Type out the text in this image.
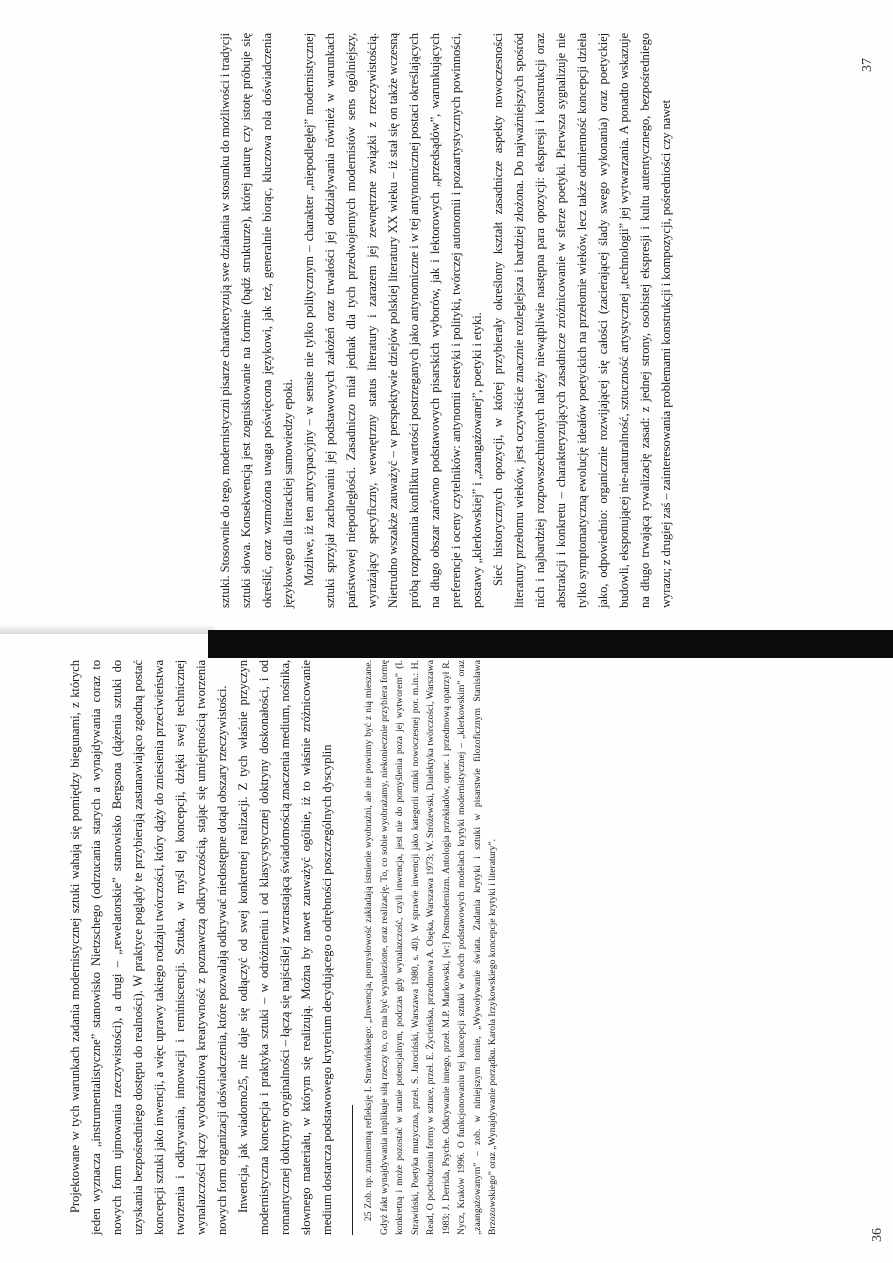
sztuki. Stosownie do tego, modernistyczni pisarze charakteryzują swe działania w stosunku do możliwości i tradycji sztuki słowa. Konsekwencją jest zogniskowanie na formie (bądź strukturze), której naturę czy istotę próbuje się określić, oraz wzmożona uwaga poświęcona językowi, jak też, generalnie biorąc, kluczowa rola doświadczenia językowego dla literackiej samowiedzy epoki. Możliwe, iż ten antycypacyjny – w sensie nie tylko politycznym – charakter „niepodległej” modernistycznej sztuki sprzyjał zachowaniu jej podstawowych założeń oraz trwałości jej oddziaływania również w warunkach państwowej niepodległości. Zasadniczo miał jednak dla tych przedwojennych modernistów sens ogólniejszy, wyrażający specyficzny, wewnętrzny status literatury i zarazem jej zewnętrzne związki z rzeczywistością. Nietrudno wszakże zauważyć – w perspektywie dziejów polskiej literatury XX wieku – iż stał się on także wczesną próbą rozpoznania konfliktu wartości postrzeganych jako antynomiczne i w tej antynomicznej postaci określających na długo obszar zarówno podstawowych pisarskich wyborów, jak i lektorowych „przedsądów”, warunkujących preferencje i oceny czytelników: antynomii estetyki i polityki, twórczej autonomii i pozaartystycznych powinności, postawy „klerkowskiej” i „zaangażowanej”, poetyki i etyki. Sieć historycznych opozycji, w której przybierały określony kształt zasadnicze aspekty nowoczesności literatury przełomu wieków, jest oczywiście znacznie rozleglejsza i bardziej złożona. Do najważniejszych spośród nich i najbardziej rozpowszechnionych należy niewątpliwie następna para opozycji: ekspresji i konstrukcji oraz abstrakcji i konkretu – charakteryzujących zasadnicze zróżnicowanie w sferze poetyki. Pierwsza sygnalizuje nie tylko symptomatyczną ewolucję ideałów poetyckich na przełomie wieków, lecz także odmienność koncepcji dzieła jako, odpowiednio: organicznie rozwijającej się całości (zacierającej ślady swego wykonania) oraz poetyckiej budowli, eksponującej nie-naturalność, sztuczność artystycznej „technologii” jej wytwarzania. A ponadto wskazuje na długo trwającą rywalizację zasad: z jednej strony, osobistej ekspresji i kultu autentycznego, bezpośredniego wyrazu; z drugiej zaś – zainteresowania problemami konstrukcji i kompozycji, pośredniości czy nawet

Projektowane w tych warunkach zadania modernistycznej sztuki wahają się pomiędzy biegunami, z których jeden wyznacza „instrumentalistyczne” stanowisko Nietzschego (odrzucania starych a wynajdywania coraz to nowych form ujmowania rzeczywistości), a drugi – „rewelatorskie” stanowisko Bergsona (dążenia sztuki do uzyskania bezpośredniego dostępu do realności). W praktyce poglądy te przybierają zastanawiająco zgodną postać koncepcji sztuki jako inwencji, a więc uprawy takiego rodzaju twórczości, który dąży do zniesienia przeciwieństwa tworzenia i odkrywania, innowacji i reminiscencji. Sztuka, w myśl tej koncepcji, dzięki swej technicznej wynalazczości łączy wyobraźniową kreatywność z poznawczą odkrywczością, stając się umiejętnością tworzenia nowych form organizacji doświadczenia, które pozwalają odkrywać niedostępne dotąd obszary rzeczywistości. Inwencja, jak wiadomo25, nie daje się odłączyć od swej konkretnej realizacji. Z tych właśnie przyczyn modernistyczna koncepcja i praktyka sztuki – w odróżnieniu i od klasycystycznej doktryny doskonałości, i od romantycznej doktryny oryginalności – łączą się najściślej z wzrastającą świadomością znaczenia medium, nośnika, słownego materiału, w którym się realizują. Można by nawet zauważyć ogólnie, iż to właśnie zróżnicowanie medium dostarcza podstawowego kryterium decydującego o odrębności poszczególnych dyscyplin	25 Zob. np. znamienną refleksję I. Strawińskiego: „Inwencja, pomysłowość zakładają istnienie wyobraźni, ale nie powinny być z nią mieszane. Gdyż fakt wynajdywania implikuje siłą rzeczy to, co ma być wynalezione, oraz realizację. To, co sobie wyobrażamy, niekoniecznie przybiera formę konkretną i może pozostać w stanie potencjalnym, podczas gdy wynalazczość, czyli inwencja, jest nie do pomyślenia poza jej wytworem” (I. Strawiński, Poetyka muzyczna, przeł. S. Jarociński, Warszawa 1980, s. 40). W sprawie inwencji jako kategorii sztuki nowoczesnej por. m.in.: H. Read, O pochodzeniu formy w sztuce, przeł. E. Życieńska, przedmowa A. Osęka, Warszawa 1973; W. Stróżewski, Dialektyka twórczości, Warszawa 1983; J. Derrida, Psyche. Odkrywanie innego, przeł. M.P. Markowski, [w:] Postmodernizm. Antologia przekładów, oprac. i przedmową opatrzył R. Nycz, Kraków 1996. O funkcjonowaniu tej koncepcji sztuki w dwóch podstawowych modelach krytyki modernistycznej – „klerkowskim” oraz „zaangażowanym” – zob. w niniejszym tomie, „Wywoływanie świata. Zadania krytyki i sztuki w pisarstwie filozoficznym Stanisława Brzozowskiego” oraz „Wynajdywanie porządku. Karola Irzykowskiego koncepcje krytyki i literatury”.

37
36
